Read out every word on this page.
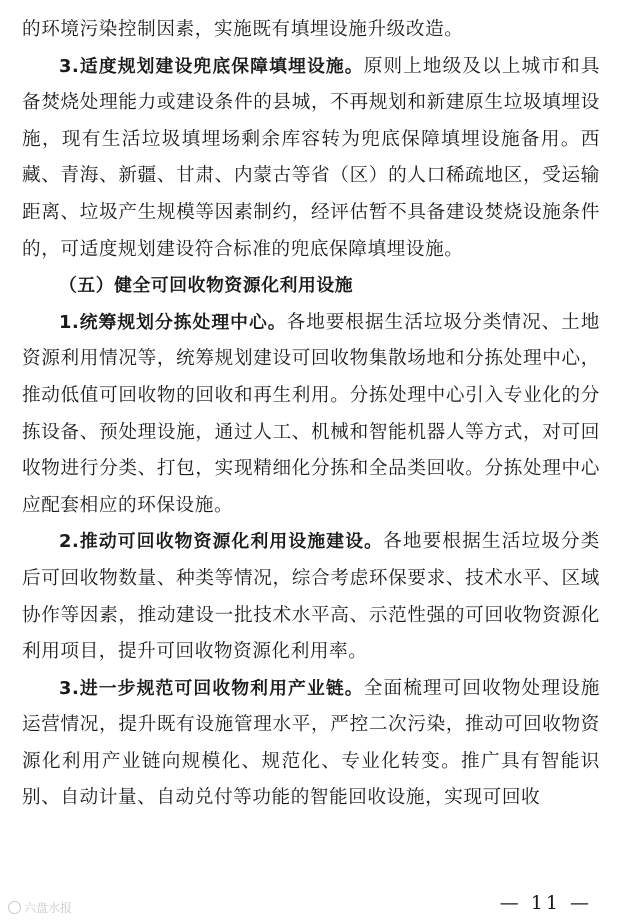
的环境污染控制因素，实施既有填埋设施升级改造。

3.适度规划建设兜底保障填埋设施。原则上地级及以上城市和具备焚烧处理能力或建设条件的县城，不再规划和新建原生垃圾填埋设施，现有生活垃圾填埋场剩余库容转为兜底保障填埋设施备用。西藏、青海、新疆、甘肃、内蒙古等省（区）的人口稀疏地区，受运输距离、垃圾产生规模等因素制约，经评估暂不具备建设焚烧设施条件的，可适度规划建设符合标准的兜底保障填埋设施。

（五）健全可回收物资源化利用设施

1.统筹规划分拣处理中心。各地要根据生活垃圾分类情况、土地资源利用情况等，统筹规划建设可回收物集散场地和分拣处理中心，推动低值可回收物的回收和再生利用。分拣处理中心引入专业化的分拣设备、预处理设施，通过人工、机械和智能机器人等方式，对可回收物进行分类、打包，实现精细化分拣和全品类回收。分拣处理中心应配套相应的环保设施。

2.推动可回收物资源化利用设施建设。各地要根据生活垃圾分类后可回收物数量、种类等情况，综合考虑环保要求、技术水平、区域协作等因素，推动建设一批技术水平高、示范性强的可回收物资源化利用项目，提升可回收物资源化利用率。

3.进一步规范可回收物利用产业链。全面梳理可回收物处理设施运营情况，提升既有设施管理水平，严控二次污染，推动可回收物资源化利用产业链向规模化、规范化、专业化转变。推广具有智能识别、自动计量、自动兑付等功能的智能回收设施，实现可回收

六盘水报	— 11 —
